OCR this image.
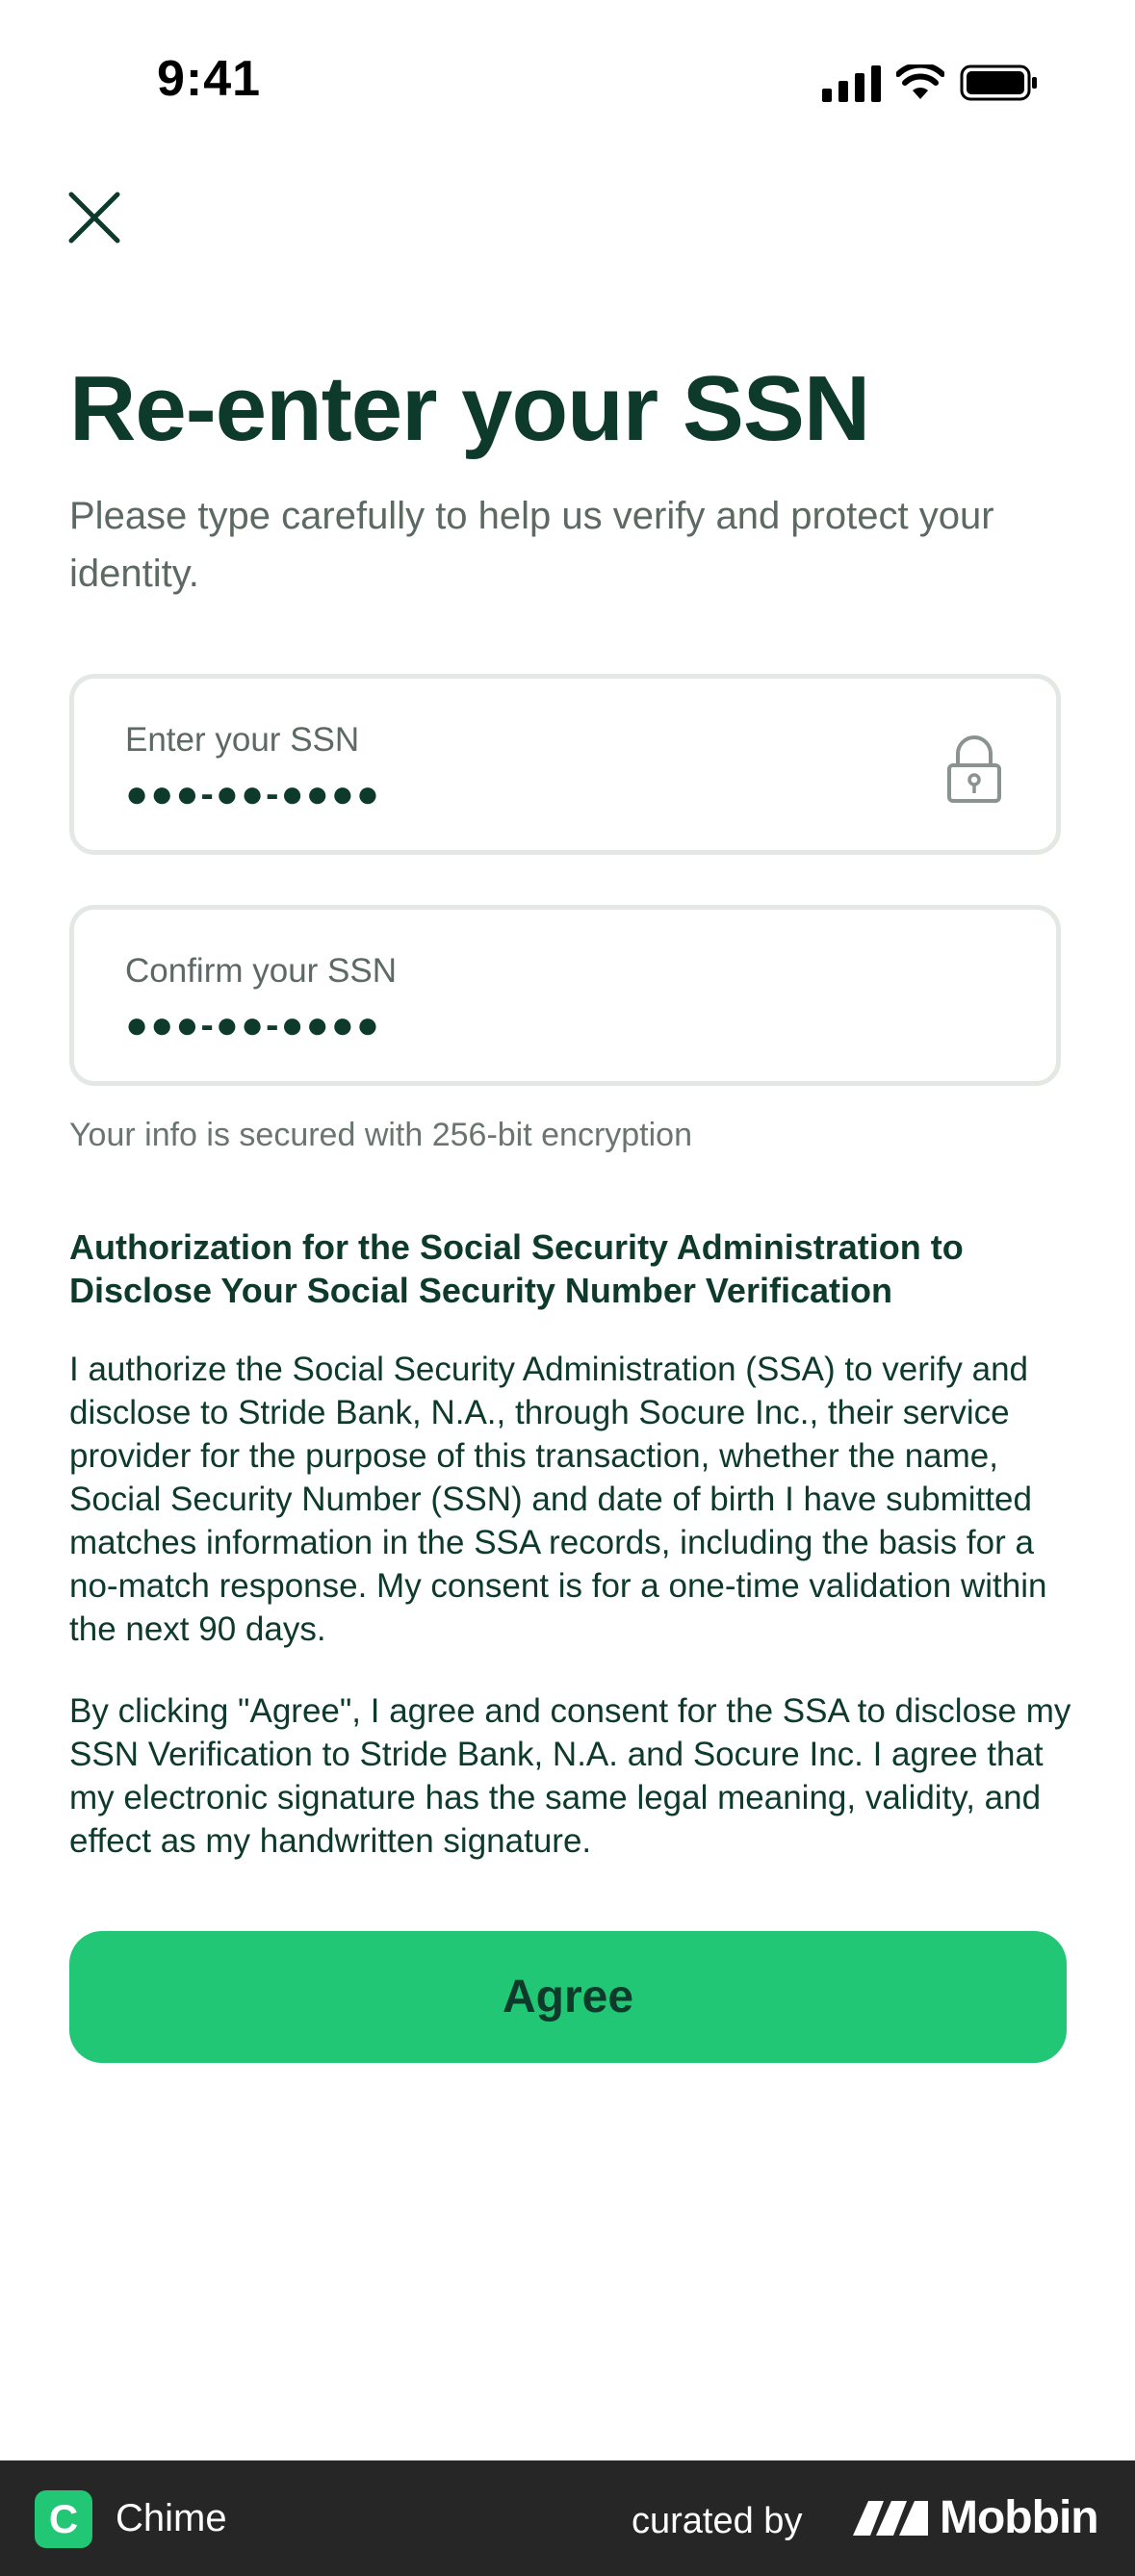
9:41
Re-enter your SSN

Please type carefully to help us verify and protect your identity.

Enter your SSN
●●●-●●-●●●●
Confirm your SSN
●●●-●●-●●●●
Your info is secured with 256-bit encryption

Authorization for the Social Security Administration to Disclose Your Social Security Number Verification

I authorize the Social Security Administration (SSA) to verify and disclose to Stride Bank, N.A., through Socure Inc., their service provider for the purpose of this transaction, whether the name, Social Security Number (SSN) and date of birth I have submitted matches information in the SSA records, including the basis for a no-match response. My consent is for a one-time validation within the next 90 days.

By clicking "Agree", I agree and consent for the SSA to disclose my SSN Verification to Stride Bank, N.A. and Socure Inc. I agree that my electronic signature has the same legal meaning, validity, and effect as my handwritten signature.

Agree
C Chime	curated by	Mobbin
